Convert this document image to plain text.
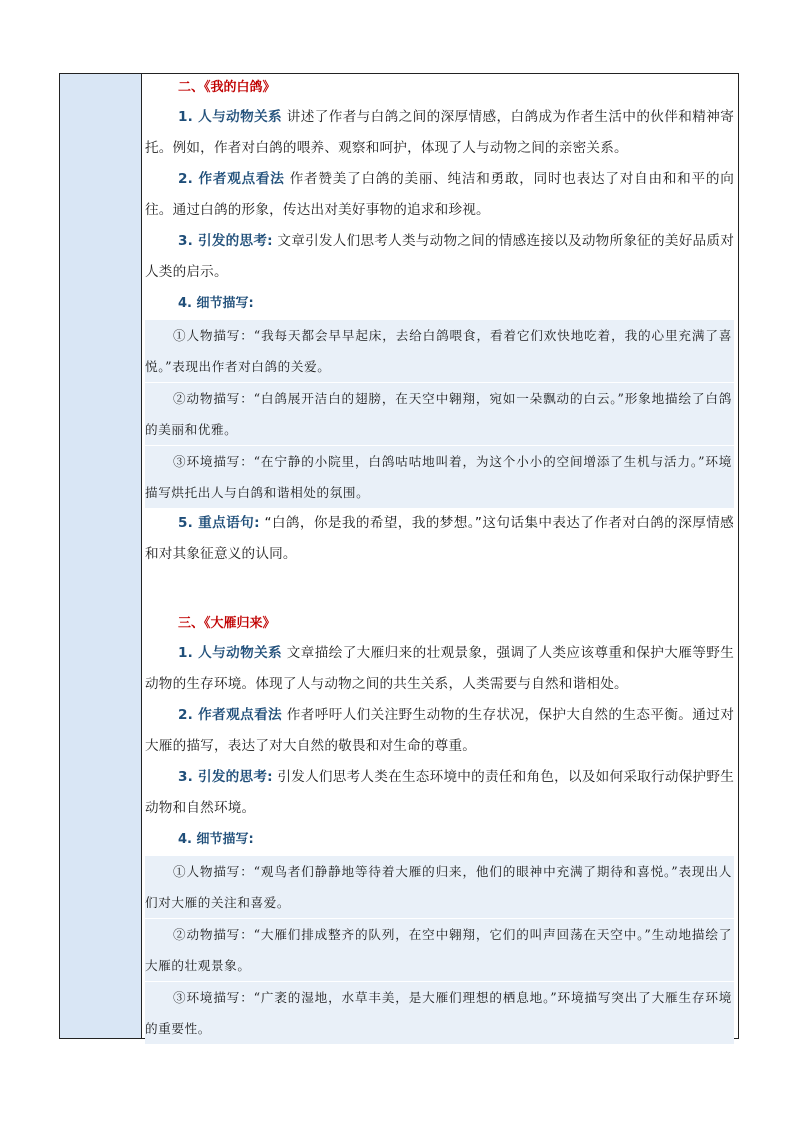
二、《我的白鸽》

1. 人与动物关系 讲述了作者与白鸽之间的深厚情感，白鸽成为作者生活中的伙伴和精神寄托。例如，作者对白鸽的喂养、观察和呵护，体现了人与动物之间的亲密关系。

2. 作者观点看法 作者赞美了白鸽的美丽、纯洁和勇敢，同时也表达了对自由和和平的向往。通过白鸽的形象，传达出对美好事物的追求和珍视。

3. 引发的思考: 文章引发人们思考人类与动物之间的情感连接以及动物所象征的美好品质对人类的启示。

4. 细节描写:

①人物描写：“我每天都会早早起床，去给白鸽喂食，看着它们欢快地吃着，我的心里充满了喜悦。”表现出作者对白鸽的关爱。

②动物描写：“白鸽展开洁白的翅膀，在天空中翱翔，宛如一朵飘动的白云。”形象地描绘了白鸽的美丽和优雅。

③环境描写：“在宁静的小院里，白鸽咕咕地叫着，为这个小小的空间增添了生机与活力。”环境描写烘托出人与白鸽和谐相处的氛围。

5. 重点语句: “白鸽，你是我的希望，我的梦想。”这句话集中表达了作者对白鸽的深厚情感和对其象征意义的认同。

三、《大雁归来》

1. 人与动物关系 文章描绘了大雁归来的壮观景象，强调了人类应该尊重和保护大雁等野生动物的生存环境。体现了人与动物之间的共生关系，人类需要与自然和谐相处。

2. 作者观点看法 作者呼吁人们关注野生动物的生存状况，保护大自然的生态平衡。通过对大雁的描写，表达了对大自然的敬畏和对生命的尊重。

3. 引发的思考: 引发人们思考人类在生态环境中的责任和角色，以及如何采取行动保护野生动物和自然环境。

4. 细节描写:

①人物描写：“观鸟者们静静地等待着大雁的归来，他们的眼神中充满了期待和喜悦。”表现出人们对大雁的关注和喜爱。

②动物描写：“大雁们排成整齐的队列，在空中翱翔，它们的叫声回荡在天空中。”生动地描绘了大雁的壮观景象。

③环境描写：“广袤的湿地，水草丰美，是大雁们理想的栖息地。”环境描写突出了大雁生存环境的重要性。
